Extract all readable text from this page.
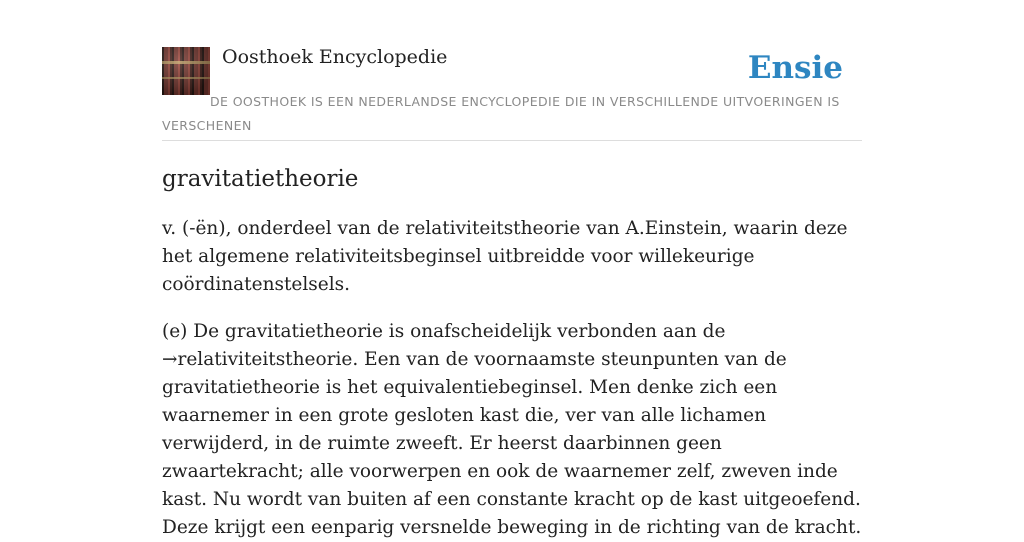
Oosthoek Encyclopedie	Ensie
DE OOSTHOEK IS EEN NEDERLANDSE ENCYCLOPEDIE DIE IN VERSCHILLENDE UITVOERINGEN IS VERSCHENEN
gravitatietheorie

v. (-ën), onderdeel van de relativiteitstheorie van A.Einstein, waarin deze het algemene relativiteitsbeginsel uitbreidde voor willekeurige coördinatenstelsels.

(e) De gravitatietheorie is onafscheidelijk verbonden aan de →relativiteitstheorie. Een van de voornaamste steunpunten van de gravitatietheorie is het equivalentiebeginsel. Men denke zich een waarnemer in een grote gesloten kast die, ver van alle lichamen verwijderd, in de ruimte zweeft. Er heerst daarbinnen geen zwaartekracht; alle voorwerpen en ook de waarnemer zelf, zweven inde kast. Nu wordt van buiten af een constante kracht op de kast uitgeoefend. Deze krijgt een eenparig versnelde beweging in de richting van de kracht.
